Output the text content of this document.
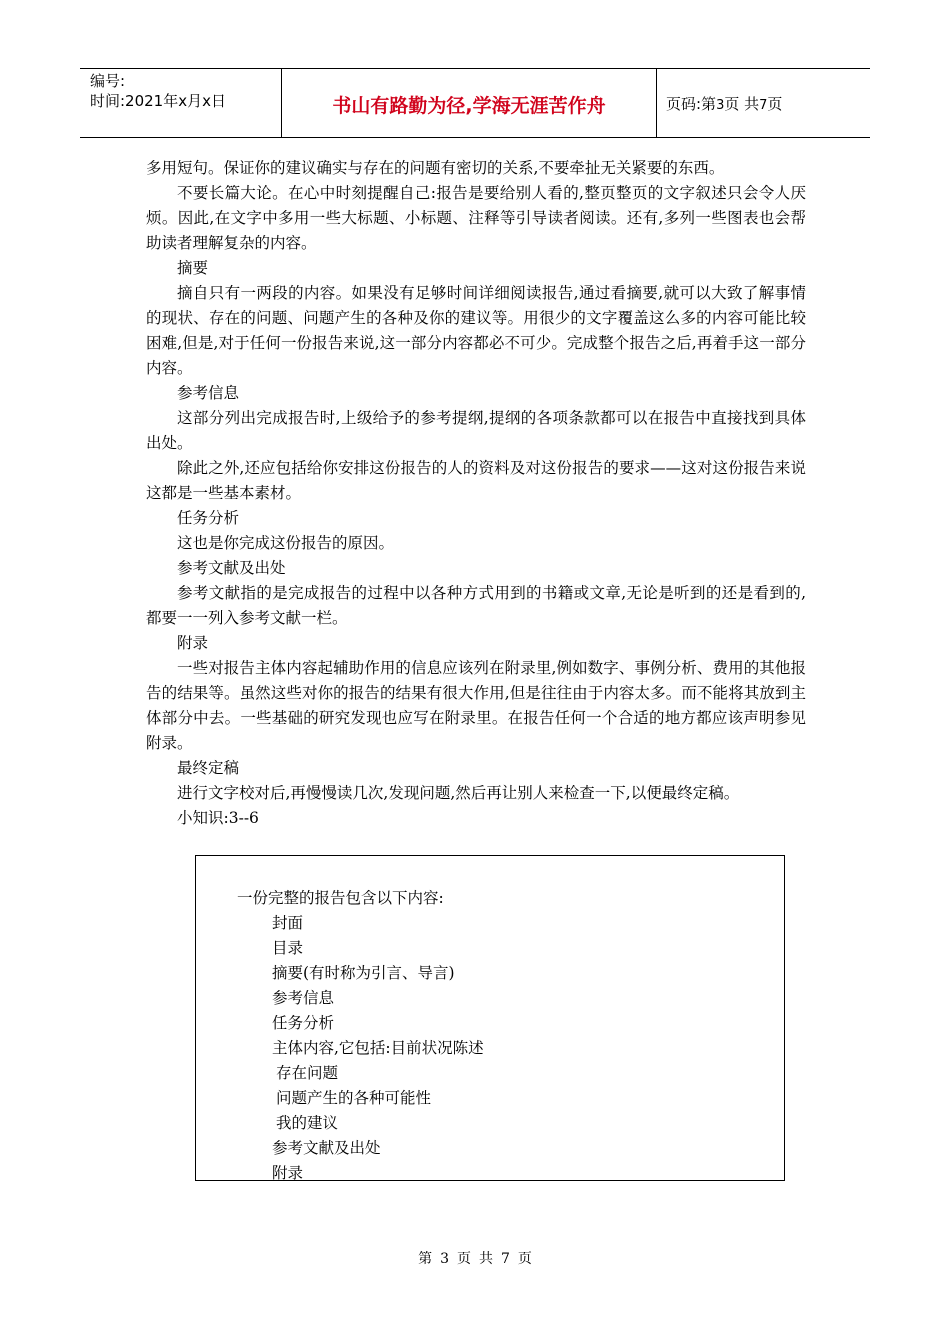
编号:
时间:2021年x月x日	书山有路勤为径,学海无涯苦作舟	页码:第3页 共7页

多用短句。保证你的建议确实与存在的问题有密切的关系,不要牵扯无关紧要的东西。

不要长篇大论。在心中时刻提醒自己:报告是要给别人看的,整页整页的文字叙述只会令人厌烦。因此,在文字中多用一些大标题、小标题、注释等引导读者阅读。还有,多列一些图表也会帮助读者理解复杂的内容。

摘要

摘自只有一两段的内容。如果没有足够时间详细阅读报告,通过看摘要,就可以大致了解事情的现状、存在的问题、问题产生的各种及你的建议等。用很少的文字覆盖这么多的内容可能比较困难,但是,对于任何一份报告来说,这一部分内容都必不可少。完成整个报告之后,再着手这一部分内容。

参考信息

这部分列出完成报告时,上级给予的参考提纲,提纲的各项条款都可以在报告中直接找到具体出处。

除此之外,还应包括给你安排这份报告的人的资料及对这份报告的要求——这对这份报告来说这都是一些基本素材。

任务分析

这也是你完成这份报告的原因。

参考文献及出处

参考文献指的是完成报告的过程中以各种方式用到的书籍或文章,无论是听到的还是看到的,都要一一列入参考文献一栏。

附录

一些对报告主体内容起辅助作用的信息应该列在附录里,例如数字、事例分析、费用的其他报告的结果等。虽然这些对你的报告的结果有很大作用,但是往往由于内容太多。而不能将其放到主体部分中去。一些基础的研究发现也应写在附录里。在报告任何一个合适的地方都应该声明参见附录。

最终定稿

进行文字校对后,再慢慢读几次,发现问题,然后再让别人来检查一下,以便最终定稿。

小知识:3--6

一份完整的报告包含以下内容:
封面
目录
摘要(有时称为引言、导言)
参考信息
任务分析
主体内容,它包括:目前状况陈述
存在问题
问题产生的各种可能性
我的建议
参考文献及出处
附录
第 3 页 共 7 页
